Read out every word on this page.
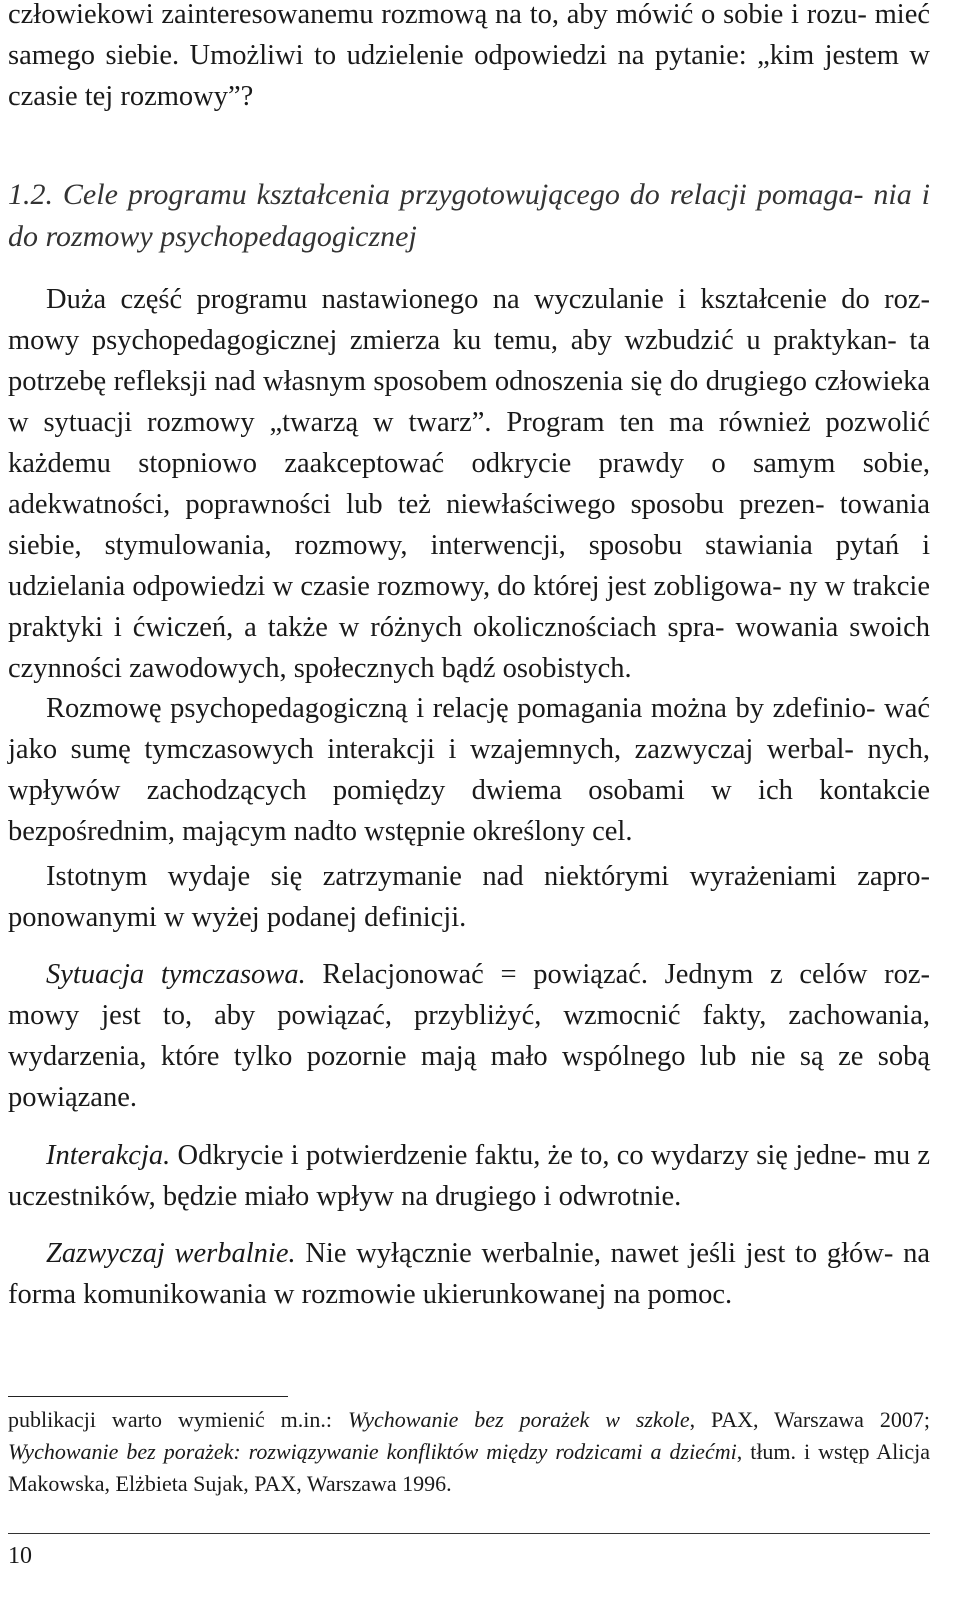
człowiekowi zainteresowanemu rozmową na to, aby mówić o sobie i rozu- mieć samego siebie. Umożliwi to udzielenie odpowiedzi na pytanie: „kim jestem w czasie tej rozmowy”?

1.2. Cele programu kształcenia przygotowującego do relacji pomaga- nia i do rozmowy psychopedagogicznej

Duża część programu nastawionego na wyczulanie i kształcenie do roz- mowy psychopedagogicznej zmierza ku temu, aby wzbudzić u praktykan- ta potrzebę refleksji nad własnym sposobem odnoszenia się do drugiego człowieka w sytuacji rozmowy „twarzą w twarz”. Program ten ma również pozwolić każdemu stopniowo zaakceptować odkrycie prawdy o samym sobie, adekwatności, poprawności lub też niewłaściwego sposobu prezen- towania siebie, stymulowania, rozmowy, interwencji, sposobu stawiania pytań i udzielania odpowiedzi w czasie rozmowy, do której jest zobligowa- ny w trakcie praktyki i ćwiczeń, a także w różnych okolicznościach spra- wowania swoich czynności zawodowych, społecznych bądź osobistych.

Rozmowę psychopedagogiczną i relację pomagania można by zdefinio- wać jako sumę tymczasowych interakcji i wzajemnych, zazwyczaj werbal- nych, wpływów zachodzących pomiędzy dwiema osobami w ich kontakcie bezpośrednim, mającym nadto wstępnie określony cel.

Istotnym wydaje się zatrzymanie nad niektórymi wyrażeniami zapro- ponowanymi w wyżej podanej definicji.

Sytuacja tymczasowa. Relacjonować = powiązać. Jednym z celów roz- mowy jest to, aby powiązać, przybliżyć, wzmocnić fakty, zachowania, wydarzenia, które tylko pozornie mają mało wspólnego lub nie są ze sobą powiązane.

Interakcja. Odkrycie i potwierdzenie faktu, że to, co wydarzy się jedne- mu z uczestników, będzie miało wpływ na drugiego i odwrotnie.

Zazwyczaj werbalnie. Nie wyłącznie werbalnie, nawet jeśli jest to głów- na forma komunikowania w rozmowie ukierunkowanej na pomoc.

publikacji warto wymienić m.in.: Wychowanie bez porażek w szkole, PAX, Warszawa 2007; Wychowanie bez porażek: rozwiązywanie konfliktów między rodzicami a dziećmi, tłum. i wstęp Alicja Makowska, Elżbieta Sujak, PAX, Warszawa 1996.

10
